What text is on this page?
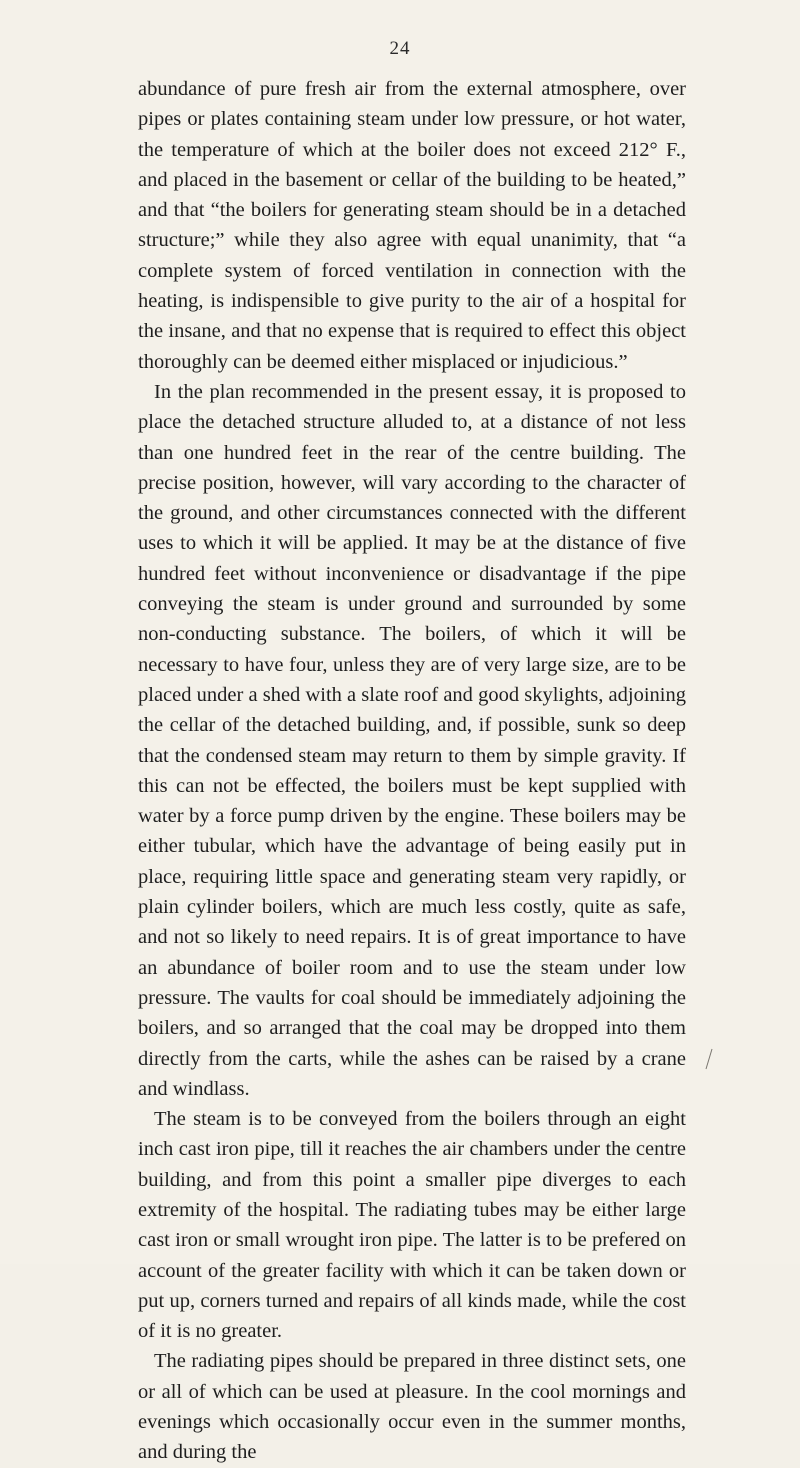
24

abundance of pure fresh air from the external atmosphere, over pipes or plates containing steam under low pressure, or hot water, the temperature of which at the boiler does not exceed 212° F., and placed in the basement or cellar of the building to be heated,” and that “the boilers for generating steam should be in a detached structure;” while they also agree with equal unanimity, that “a complete system of forced ventilation in connection with the heating, is indispensible to give purity to the air of a hospital for the insane, and that no expense that is required to effect this object thoroughly can be deemed either misplaced or injudicious.”

In the plan recommended in the present essay, it is proposed to place the detached structure alluded to, at a distance of not less than one hundred feet in the rear of the centre building. The precise position, however, will vary according to the character of the ground, and other circumstances connected with the different uses to which it will be applied. It may be at the distance of five hundred feet without inconvenience or disadvantage if the pipe conveying the steam is under ground and surrounded by some non-conducting substance. The boilers, of which it will be necessary to have four, unless they are of very large size, are to be placed under a shed with a slate roof and good skylights, adjoining the cellar of the detached building, and, if possible, sunk so deep that the condensed steam may return to them by simple gravity. If this can not be effected, the boilers must be kept supplied with water by a force pump driven by the engine. These boilers may be either tubular, which have the advantage of being easily put in place, requiring little space and generating steam very rapidly, or plain cylinder boilers, which are much less costly, quite as safe, and not so likely to need repairs. It is of great importance to have an abundance of boiler room and to use the steam under low pressure. The vaults for coal should be immediately adjoining the boilers, and so arranged that the coal may be dropped into them directly from the carts, while the ashes can be raised by a crane and windlass.

The steam is to be conveyed from the boilers through an eight inch cast iron pipe, till it reaches the air chambers under the centre building, and from this point a smaller pipe diverges to each extremity of the hospital. The radiating tubes may be either large cast iron or small wrought iron pipe. The latter is to be prefered on account of the greater facility with which it can be taken down or put up, corners turned and repairs of all kinds made, while the cost of it is no greater.

The radiating pipes should be prepared in three distinct sets, one or all of which can be used at pleasure. In the cool mornings and evenings which occasionally occur even in the summer months, and during the
